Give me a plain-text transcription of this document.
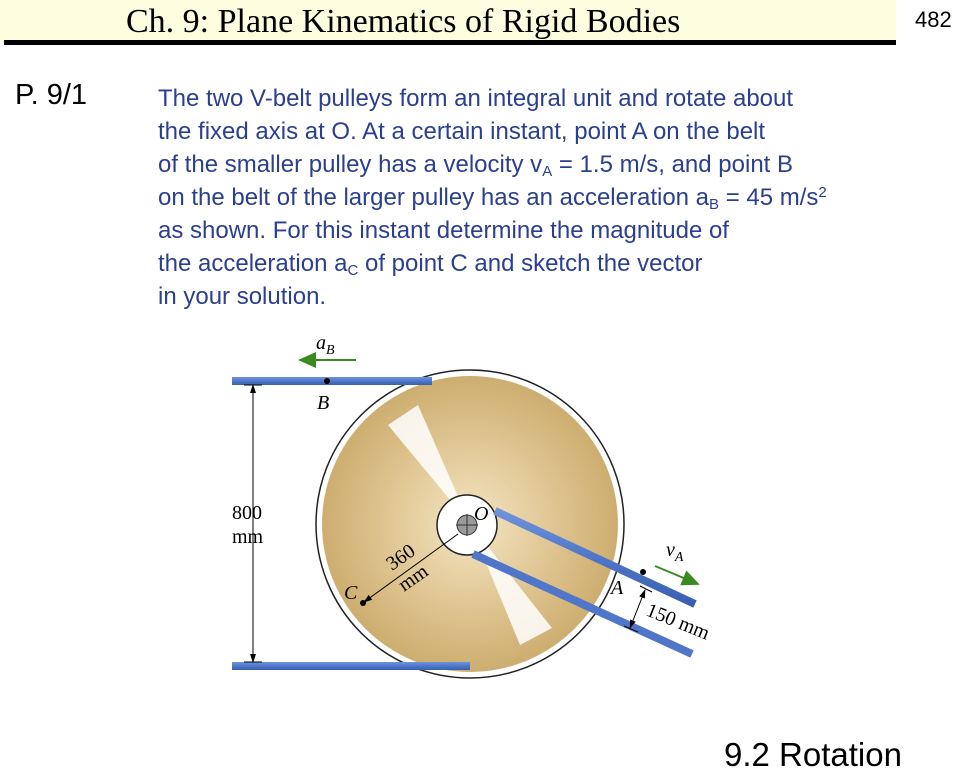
Ch. 9: Plane Kinematics of Rigid Bodies	482
P. 9/1	The two V-belt pulleys form an integral unit and rotate about
the fixed axis at O. At a certain instant, point A on the belt
of the smaller pulley has a velocity $v_A = 1.5$ m/s, and point B
on the belt of the larger pulley has an acceleration $a_B = 45$ $m/s^2$
as shown. For this instant determine the magnitude of
the acceleration $a_C$ of point C and sketch the vector
in your solution.
$a_B$
B
800
mm
O
360
mm
C	A
$v_A$
150 mm
9.2 Rotation
